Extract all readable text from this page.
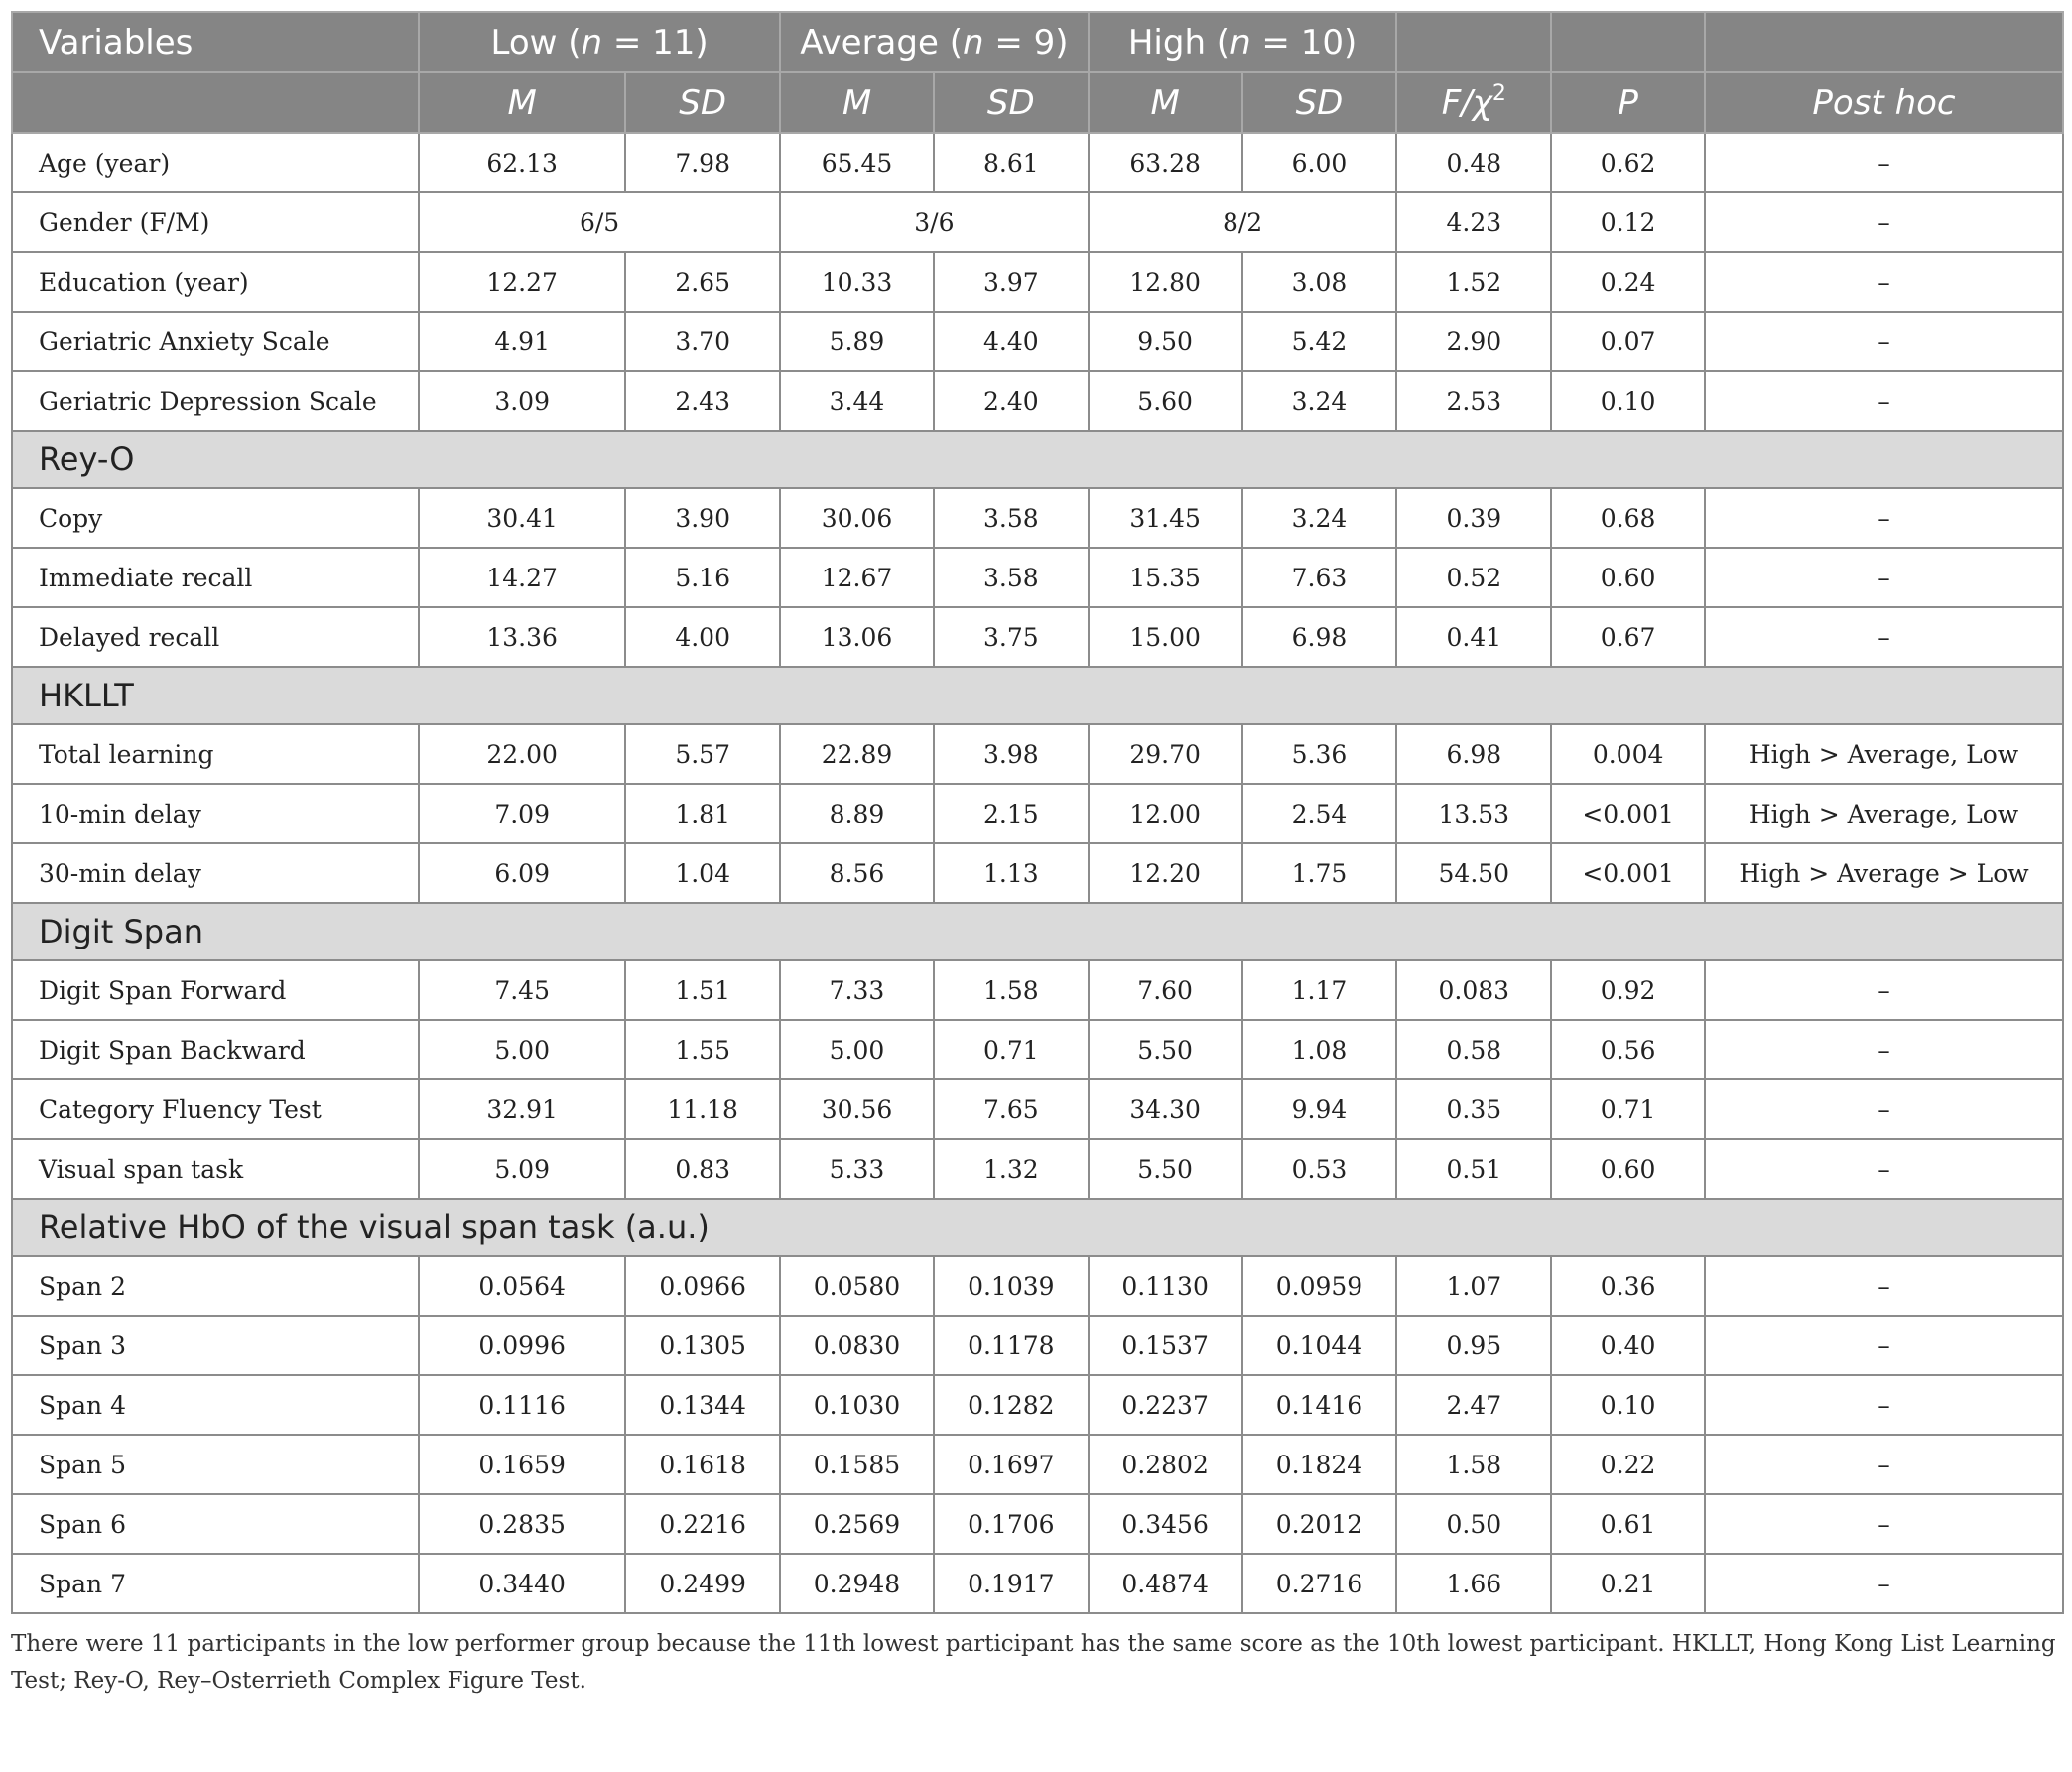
Variables	Low (n = 11)		Average (n = 9)		High (n = 10)				
	M	SD	M	SD	M	SD	$F/\chi^2$	P	Post hoc
Age (year)	62.13	7.98	65.45	8.61	63.28	6.00	0.48	0.62	–
Gender (F/M)	6/5		3/6		8/2		4.23	0.12	–
Education (year)	12.27	2.65	10.33	3.97	12.80	3.08	1.52	0.24	–
Geriatric Anxiety Scale	4.91	3.70	5.89	4.40	9.50	5.42	2.90	0.07	–
Geriatric Depression Scale	3.09	2.43	3.44	2.40	5.60	3.24	2.53	0.10	–
Rey-O									
Copy	30.41	3.90	30.06	3.58	31.45	3.24	0.39	0.68	–
Immediate recall	14.27	5.16	12.67	3.58	15.35	7.63	0.52	0.60	–
Delayed recall	13.36	4.00	13.06	3.75	15.00	6.98	0.41	0.67	–
HKLLT									
Total learning	22.00	5.57	22.89	3.98	29.70	5.36	6.98	0.004	High > Average, Low
10-min delay	7.09	1.81	8.89	2.15	12.00	2.54	13.53	<0.001	High > Average, Low
30-min delay	6.09	1.04	8.56	1.13	12.20	1.75	54.50	<0.001	High > Average > Low
Digit Span									
Digit Span Forward	7.45	1.51	7.33	1.58	7.60	1.17	0.083	0.92	–
Digit Span Backward	5.00	1.55	5.00	0.71	5.50	1.08	0.58	0.56	–
Category Fluency Test	32.91	11.18	30.56	7.65	34.30	9.94	0.35	0.71	–
Visual span task	5.09	0.83	5.33	1.32	5.50	0.53	0.51	0.60	–
Relative HbO of the visual span task (a.u.)									
Span 2	0.0564	0.0966	0.0580	0.1039	0.1130	0.0959	1.07	0.36	–
Span 3	0.0996	0.1305	0.0830	0.1178	0.1537	0.1044	0.95	0.40	–
Span 4	0.1116	0.1344	0.1030	0.1282	0.2237	0.1416	2.47	0.10	–
Span 5	0.1659	0.1618	0.1585	0.1697	0.2802	0.1824	1.58	0.22	–
Span 6	0.2835	0.2216	0.2569	0.1706	0.3456	0.2012	0.50	0.61	–
Span 7	0.3440	0.2499	0.2948	0.1917	0.4874	0.2716	1.66	0.21	–
There were 11 participants in the low performer group because the 11th lowest participant has the same score as the 10th lowest participant. HKLLT, Hong Kong List Learning Test; Rey-O, Rey–Osterrieth Complex Figure Test.
